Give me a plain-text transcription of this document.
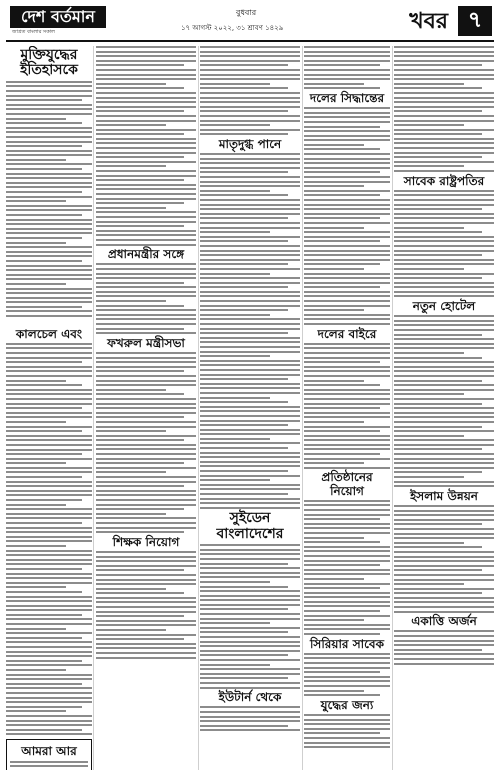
দেশ বর্তমান
জাগ্রত বাংলার সকাল
বুধবার
১৭ আগস্ট ২০২২, ৩১ শ্রাবণ ১৪২৯	খবর ৭
মুক্তিযুদ্ধের ইতিহাসকে
কালচেল এবং
আমরা আর
প্রধানমন্ত্রীর সঙ্গে
ফখরুল মন্ত্রীসভা
শিক্ষক নিয়োগ
মাতৃদুগ্ধ পানে
সুইডেন বাংলাদেশের
ইউটার্ন থেকে
দলের সিদ্ধান্তের
দলের বাইরে
প্রতিষ্ঠানের নিয়োগ
সিরিয়ার সাবেক
যুদ্ধের জন্য
সাবেক রাষ্ট্রপতির
নতুন হোটেল
ইসলাম উন্নয়ন
একাত্তি অর্জন
